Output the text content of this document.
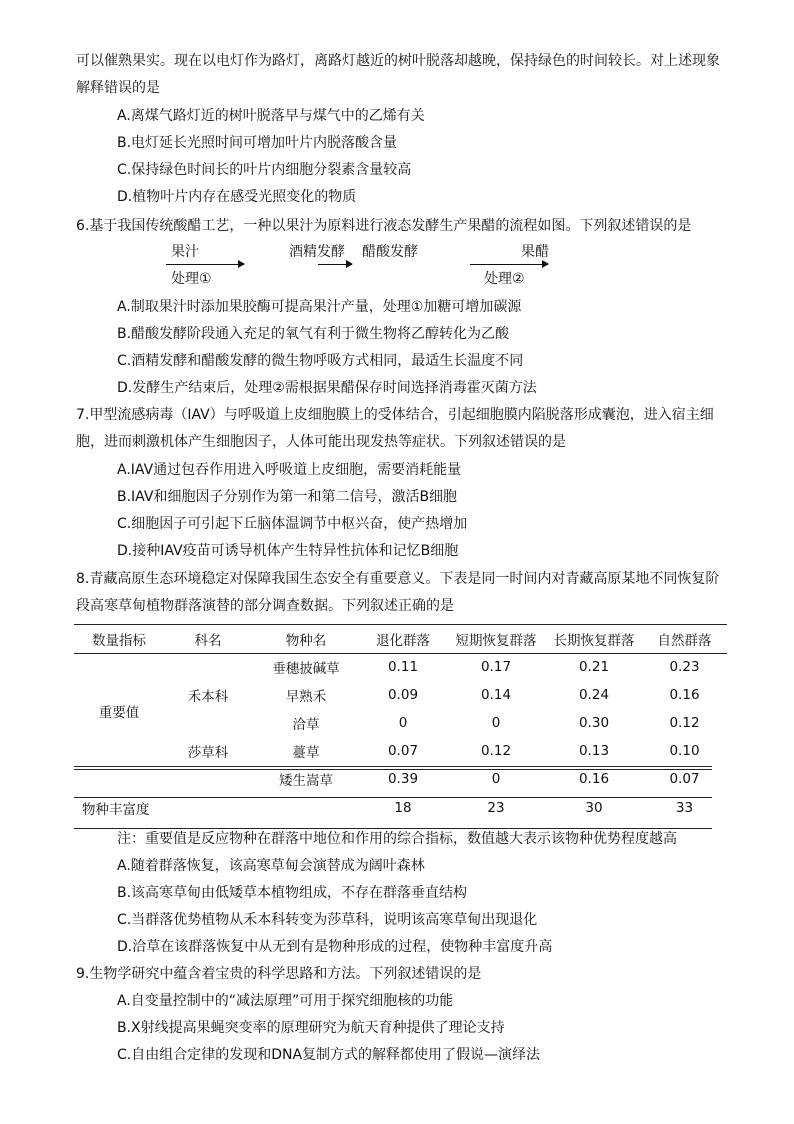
可以催熟果实。现在以电灯作为路灯，离路灯越近的树叶脱落却越晚，保持绿色的时间较长。对上述现象
解释错误的是
A.离煤气路灯近的树叶脱落早与煤气中的乙烯有关
B.电灯延长光照时间可增加叶片内脱落酸含量
C.保持绿色时间长的叶片内细胞分裂素含量较高
D.植物叶片内存在感受光照变化的物质
6.基于我国传统酸醋工艺，一种以果汁为原料进行液态发酵生产果醋的流程如图。下列叙述错误的是
果汁
处理①
酒精发酵 醋酸发酵	果醋
处理②
A.制取果汁时添加果胶酶可提高果汁产量，处理①加糖可增加碳源
B.醋酸发酵阶段通入充足的氧气有利于微生物将乙醇转化为乙酸
C.酒精发酵和醋酸发酵的微生物呼吸方式相同，最适生长温度不同
D.发酵生产结束后，处理②需根据果醋保存时间选择消毒霍灭菌方法
7.甲型流感病毒（IAV）与呼吸道上皮细胞膜上的受体结合，引起细胞膜内陷脱落形成囊泡，进入宿主细
胞，进而刺激机体产生细胞因子，人体可能出现发热等症状。下列叙述错误的是
A.IAV通过包吞作用进入呼吸道上皮细胞，需要消耗能量
B.IAV和细胞因子分别作为第一和第二信号，激活B细胞
C.细胞因子可引起下丘脑体温调节中枢兴奋，使产热增加
D.接种IAV疫苗可诱导机体产生特异性抗体和记忆B细胞
8.青藏高原生态环境稳定对保障我国生态安全有重要意义。下表是同一时间内对青藏高原某地不同恢复阶
段高寒草甸植物群落演替的部分调查数据。下列叙述正确的是
数量指标	科名	物种名	退化群落	短期恢复群落	长期恢复群落	自然群落
重要值	禾本科	垂穗披碱草	0.11	0.17	0.21	0.23
		早熟禾	0.09	0.14	0.24	0.16
		洽草	0	0	0.30	0.12
	莎草科	薹草	0.07	0.12	0.13	0.10
		矮生嵩草	0.39	0	0.16	0.07
物种丰富度			18	23	30	33
注：重要值是反应物种在群落中地位和作用的综合指标，数值越大表示该物种优势程度越高
A.随着群落恢复，该高寒草甸会演替成为阔叶森林
B.该高寒草甸由低矮草本植物组成，不存在群落垂直结构
C.当群落优势植物从禾本科转变为莎草科，说明该高寒草甸出现退化
D.洽草在该群落恢复中从无到有是物种形成的过程，使物种丰富度升高
9.生物学研究中蕴含着宝贵的科学思路和方法。下列叙述错误的是
A.自变量控制中的“减法原理”可用于探究细胞核的功能
B.X射线提高果蝇突变率的原理研究为航天育种提供了理论支持
C.自由组合定律的发现和DNA复制方式的解释都使用了假说—演绎法
